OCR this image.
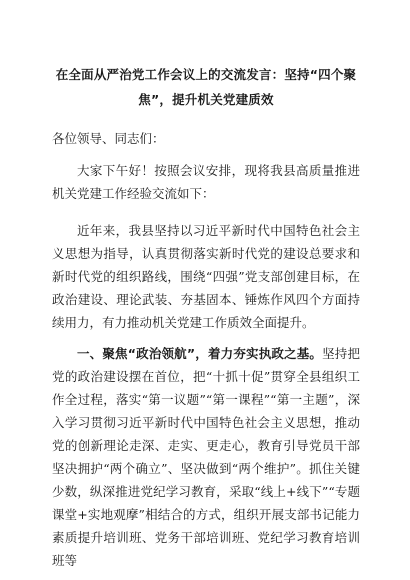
在全面从严治党工作会议上的交流发言：坚持“四个聚焦”，提升机关党建质效
各位领导、同志们：
大家下午好！按照会议安排，现将我县高质量推进机关党建工作经验交流如下：
近年来，我县坚持以习近平新时代中国特色社会主义思想为指导，认真贯彻落实新时代党的建设总要求和新时代党的组织路线，围绕“四强”党支部创建目标，在政治建设、理论武装、夯基固本、锤炼作风四个方面持续用力，有力推动机关党建工作质效全面提升。
一、聚焦“政治领航”，着力夯实执政之基。坚持把党的政治建设摆在首位，把“十抓十促”贯穿全县组织工作全过程，落实“第一议题”“第一课程”“第一主题”，深入学习贯彻习近平新时代中国特色社会主义思想，推动党的创新理论走深、走实、更走心，教育引导党员干部坚决拥护“两个确立”、坚决做到“两个维护”。抓住关键少数，纵深推进党纪学习教育，采取“线上+线下”“专题课堂+实地观摩”相结合的方式，组织开展支部书记能力素质提升培训班、党务干部培训班、党纪学习教育培训班等
